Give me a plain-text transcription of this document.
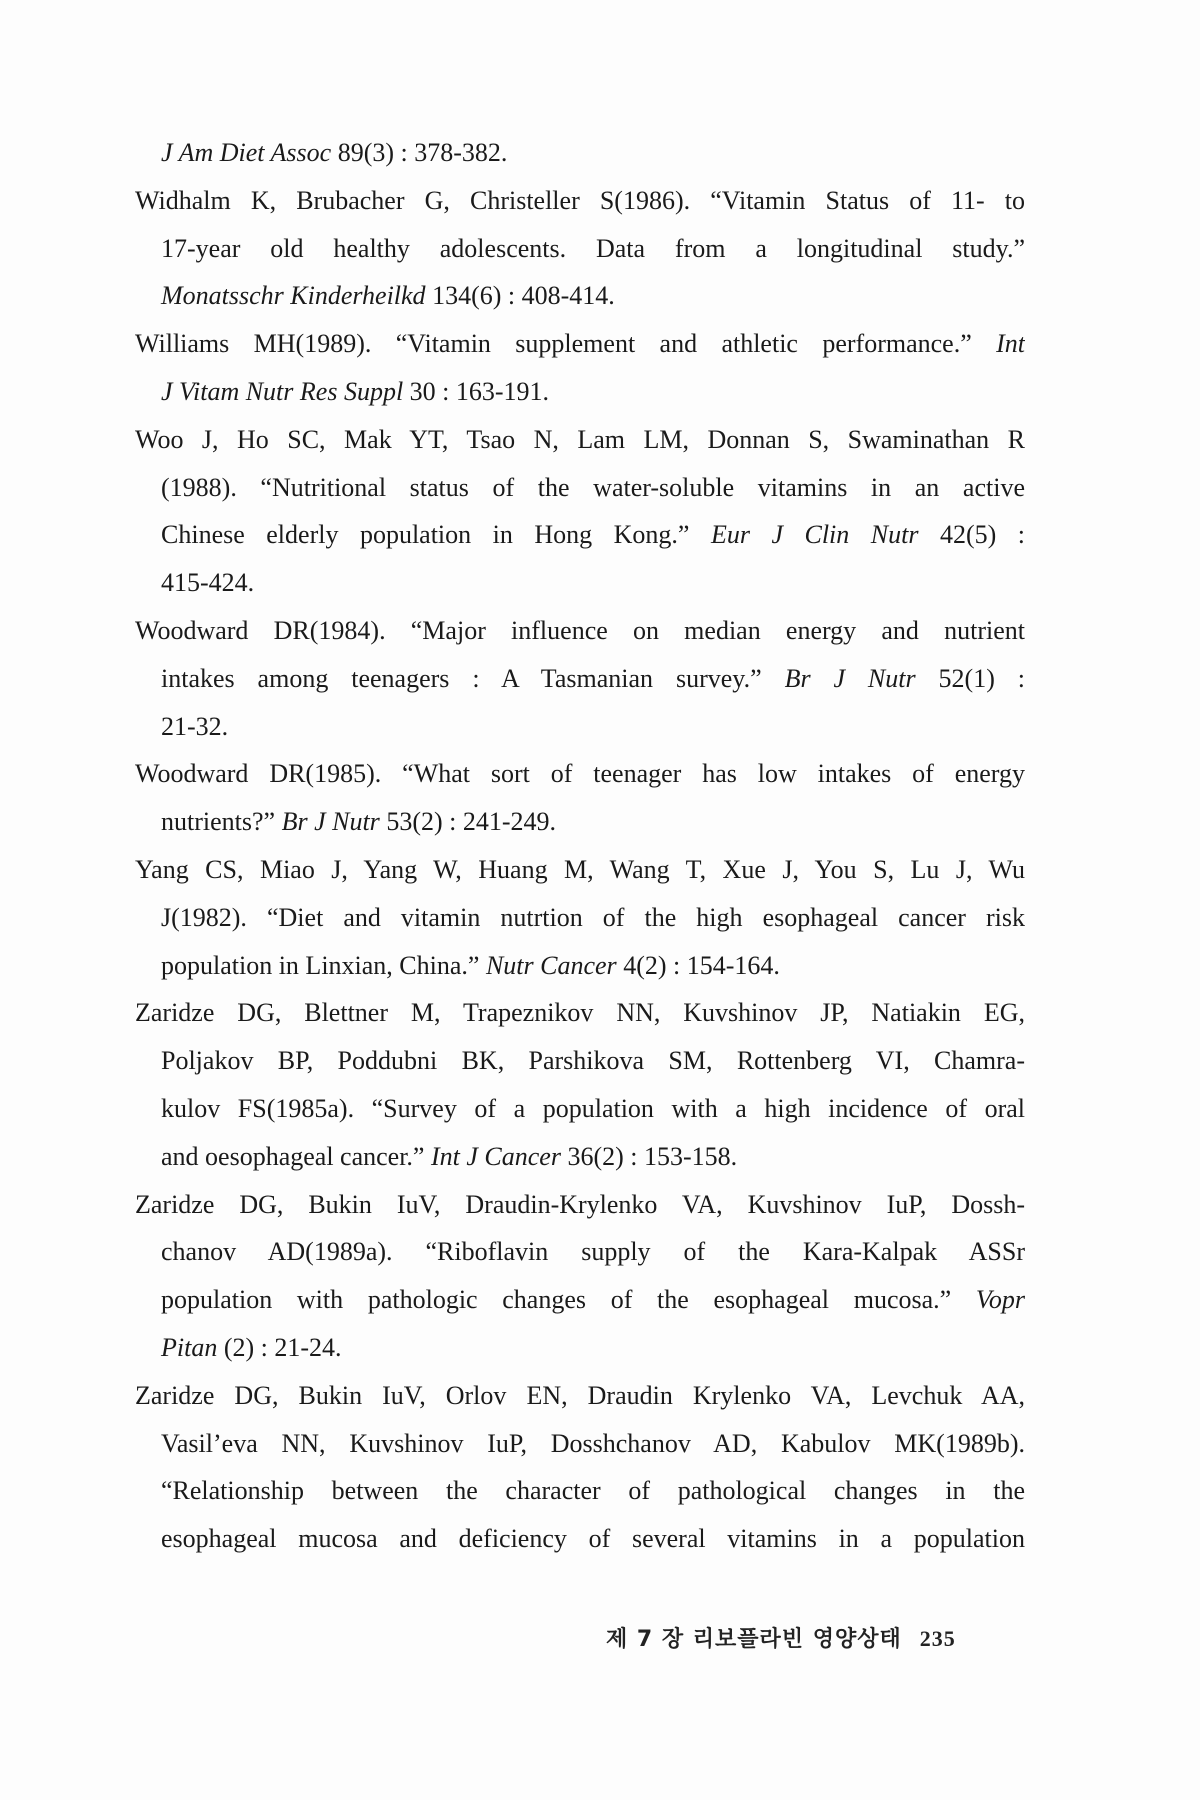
J Am Diet Assoc 89(3) : 378-382.
Widhalm K, Brubacher G, Christeller S(1986). “Vitamin Status of 11- to
17-year old healthy adolescents. Data from a longitudinal study.”
Monatsschr Kinderheilkd 134(6) : 408-414.
Williams MH(1989). “Vitamin supplement and athletic performance.” Int
J Vitam Nutr Res Suppl 30 : 163-191.
Woo J, Ho SC, Mak YT, Tsao N, Lam LM, Donnan S, Swaminathan R
(1988). “Nutritional status of the water-soluble vitamins in an active
Chinese elderly population in Hong Kong.” Eur J Clin Nutr 42(5) :
415-424.
Woodward DR(1984). “Major influence on median energy and nutrient
intakes among teenagers : A Tasmanian survey.” Br J Nutr 52(1) :
21-32.
Woodward DR(1985). “What sort of teenager has low intakes of energy
nutrients?” Br J Nutr 53(2) : 241-249.
Yang CS, Miao J, Yang W, Huang M, Wang T, Xue J, You S, Lu J, Wu
J(1982). “Diet and vitamin nutrtion of the high esophageal cancer risk
population in Linxian, China.” Nutr Cancer 4(2) : 154-164.
Zaridze DG, Blettner M, Trapeznikov NN, Kuvshinov JP, Natiakin EG,
Poljakov BP, Poddubni BK, Parshikova SM, Rottenberg VI, Chamra-
kulov FS(1985a). “Survey of a population with a high incidence of oral
and oesophageal cancer.” Int J Cancer 36(2) : 153-158.
Zaridze DG, Bukin IuV, Draudin-Krylenko VA, Kuvshinov IuP, Dossh-
chanov AD(1989a). “Riboflavin supply of the Kara-Kalpak ASSr
population with pathologic changes of the esophageal mucosa.” Vopr
Pitan (2) : 21-24.
Zaridze DG, Bukin IuV, Orlov EN, Draudin Krylenko VA, Levchuk AA,
Vasil’eva NN, Kuvshinov IuP, Dosshchanov AD, Kabulov MK(1989b).
“Relationship between the character of pathological changes in the
esophageal mucosa and deficiency of several vitamins in a population
제 7 장 리보플라빈 영양상태 235
